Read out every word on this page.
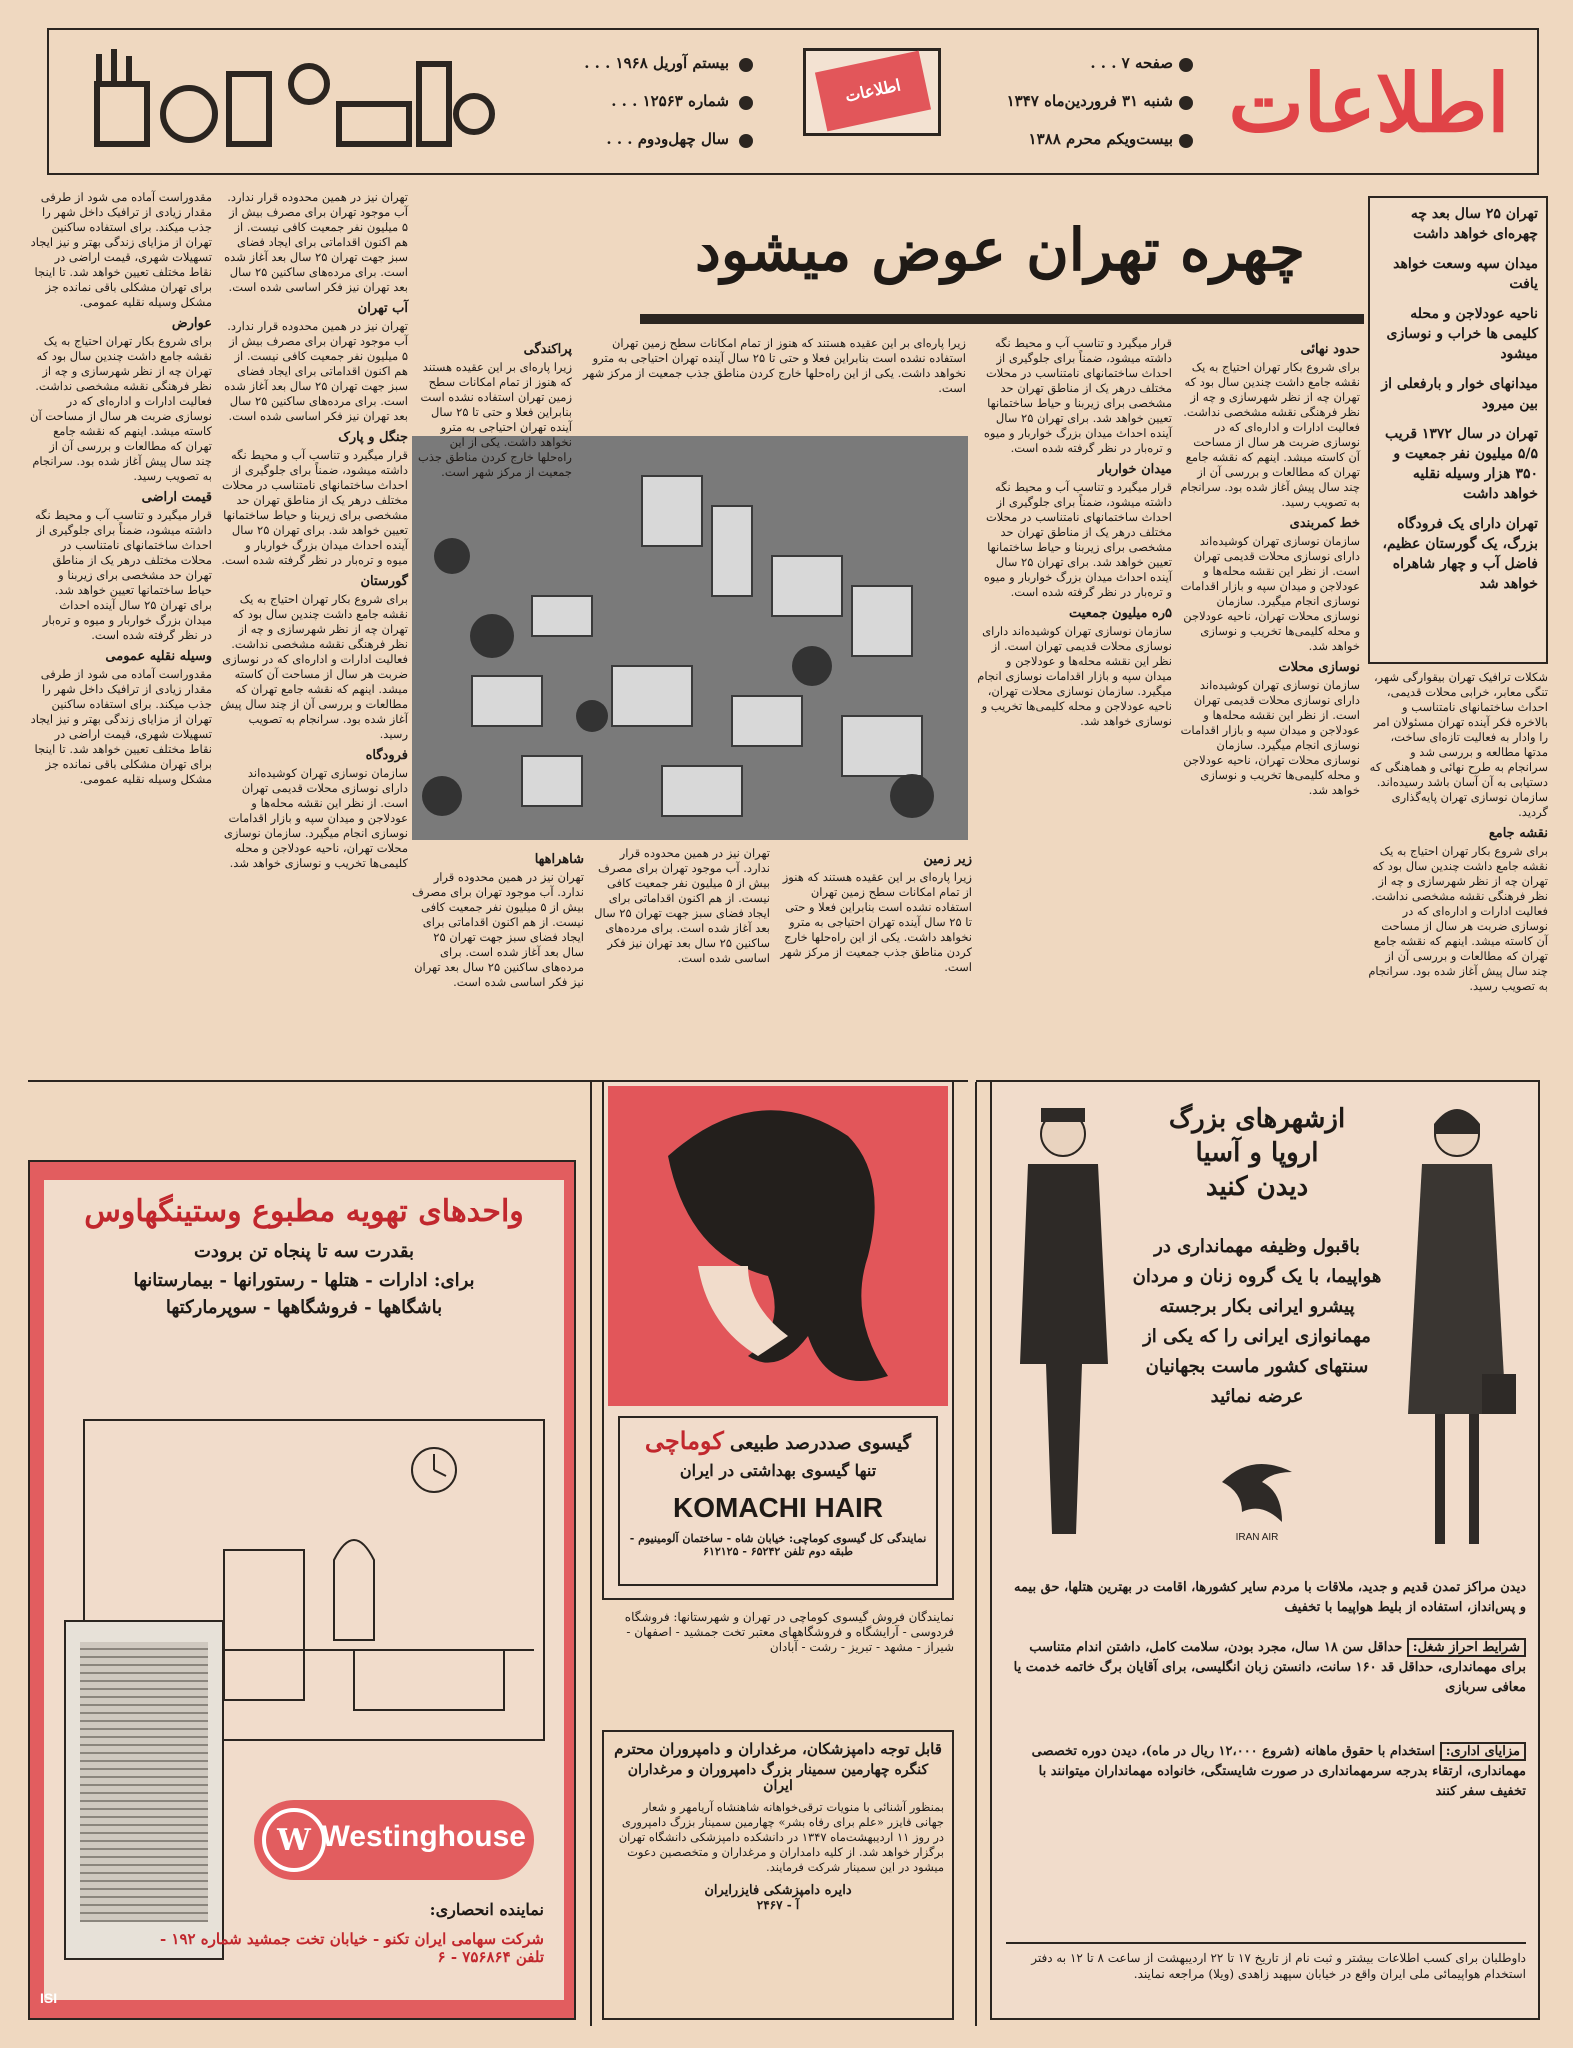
بیستم آوریل ۱۹۶۸ . . .
شماره ۱۲۵۶۳ . . .
سال چهل‌ودوم . . .
اطلاعات
صفحه ۷ . . .
شنبه ۳۱ فروردین‌ماه ۱۳۴۷
بیست‌ویکم محرم ۱۳۸۸ اطلاعات
تهران ۲۵ سال بعد چه چهره‌ای خواهد داشت
میدان سپه وسعت خواهد یافت
ناحیه عودلاجن و محله کلیمی ها خراب و نوسازی میشود
میدانهای خوار و بارفعلی از بین میرود
تهران در سال ۱۳۷۲ قریب ۵/۵ میلیون نفر جمعیت و ۳۵۰ هزار وسیله نقلیه خواهد داشت
تهران دارای یک فرودگاه بزرگ، یک گورستان عظیم، فاضل آب و چهار شاهراه خواهد شد
چهره تهران عوض میشود

شکلات ترافیک تهران بیقوارگی شهر، تنگی معابر، خرابی محلات قدیمی، احداث ساختمانهای نامتناسب و بالاخره فکر آینده تهران مسئولان امر را وادار به فعالیت تازه‌ای ساخت، مدتها مطالعه و بررسی شد و سرانجام به طرح نهائی و هماهنگی که دستیابی به آن آسان باشد رسیده‌اند. سازمان نوسازی تهران پایه‌گذاری گردید.

نقشه جامع

برای شروع بکار تهران احتیاج به یک نقشه جامع داشت چندین سال بود که تهران چه از نظر شهرسازی و چه از نظر فرهنگی نقشه مشخصی نداشت. فعالیت ادارات و اداره‌ای که در نوسازی ضربت هر سال از مساحت آن کاسته میشد. اینهم که نقشه جامع تهران که مطالعات و بررسی آن از چند سال پیش آغاز شده بود. سرانجام به تصویب رسید.

حدود نهائی

برای شروع بکار تهران احتیاج به یک نقشه جامع داشت چندین سال بود که تهران چه از نظر شهرسازی و چه از نظر فرهنگی نقشه مشخصی نداشت. فعالیت ادارات و اداره‌ای که در نوسازی ضربت هر سال از مساحت آن کاسته میشد. اینهم که نقشه جامع تهران که مطالعات و بررسی آن از چند سال پیش آغاز شده بود. سرانجام به تصویب رسید.

خط کمربندی

سازمان نوسازی تهران کوشیده‌اند دارای نوسازی محلات قدیمی تهران است. از نظر این نقشه محله‌ها و عودلاجن و میدان سپه و بازار اقدامات نوسازی انجام میگیرد. سازمان نوسازی محلات تهران، ناحیه عودلاجن و محله کلیمی‌ها تخریب و نوسازی خواهد شد.

نوسازی محلات

سازمان نوسازی تهران کوشیده‌اند دارای نوسازی محلات قدیمی تهران است. از نظر این نقشه محله‌ها و عودلاجن و میدان سپه و بازار اقدامات نوسازی انجام میگیرد. سازمان نوسازی محلات تهران، ناحیه عودلاجن و محله کلیمی‌ها تخریب و نوسازی خواهد شد.

قرار میگیرد و تناسب آب و محیط نگه داشته میشود، ضمناً برای جلوگیری از احداث ساختمانهای نامتناسب در محلات مختلف درهر یک از مناطق تهران حد مشخصی برای زیربنا و حیاط ساختمانها تعیین خواهد شد. برای تهران ۲۵ سال آینده احداث میدان بزرگ خواربار و میوه و تره‌بار در نظر گرفته شده است.

میدان خواربار

قرار میگیرد و تناسب آب و محیط نگه داشته میشود، ضمناً برای جلوگیری از احداث ساختمانهای نامتناسب در محلات مختلف درهر یک از مناطق تهران حد مشخصی برای زیربنا و حیاط ساختمانها تعیین خواهد شد. برای تهران ۲۵ سال آینده احداث میدان بزرگ خواربار و میوه و تره‌بار در نظر گرفته شده است.

۵ره میلیون جمعیت

سازمان نوسازی تهران کوشیده‌اند دارای نوسازی محلات قدیمی تهران است. از نظر این نقشه محله‌ها و عودلاجن و میدان سپه و بازار اقدامات نوسازی انجام میگیرد. سازمان نوسازی محلات تهران، ناحیه عودلاجن و محله کلیمی‌ها تخریب و نوسازی خواهد شد.

زیرا پاره‌ای بر این عقیده هستند که هنوز از تمام امکانات سطح زمین تهران استفاده نشده است بنابراین فعلا و حتی تا ۲۵ سال آینده تهران احتیاجی به مترو نخواهد داشت. یکی از این راه‌حلها خارج کردن مناطق جذب جمعیت از مرکز شهر است.

پراکندگی

زیرا پاره‌ای بر این عقیده هستند که هنوز از تمام امکانات سطح زمین تهران استفاده نشده است بنابراین فعلا و حتی تا ۲۵ سال آینده تهران احتیاجی به مترو نخواهد داشت. یکی از این راه‌حلها خارج کردن مناطق جذب جمعیت از مرکز شهر است.

زیر زمین

زیرا پاره‌ای بر این عقیده هستند که هنوز از تمام امکانات سطح زمین تهران استفاده نشده است بنابراین فعلا و حتی تا ۲۵ سال آینده تهران احتیاجی به مترو نخواهد داشت. یکی از این راه‌حلها خارج کردن مناطق جذب جمعیت از مرکز شهر است.

تهران نیز در همین محدوده قرار ندارد. آب موجود تهران برای مصرف بیش از ۵ میلیون نفر جمعیت کافی نیست. از هم اکنون اقداماتی برای ایجاد فضای سبز جهت تهران ۲۵ سال بعد آغاز شده است. برای مرده‌های ساکنین ۲۵ سال بعد تهران نیز فکر اساسی شده است.

شاهراهها

تهران نیز در همین محدوده قرار ندارد. آب موجود تهران برای مصرف بیش از ۵ میلیون نفر جمعیت کافی نیست. از هم اکنون اقداماتی برای ایجاد فضای سبز جهت تهران ۲۵ سال بعد آغاز شده است. برای مرده‌های ساکنین ۲۵ سال بعد تهران نیز فکر اساسی شده است.

تهران نیز در همین محدوده قرار ندارد. آب موجود تهران برای مصرف بیش از ۵ میلیون نفر جمعیت کافی نیست. از هم اکنون اقداماتی برای ایجاد فضای سبز جهت تهران ۲۵ سال بعد آغاز شده است. برای مرده‌های ساکنین ۲۵ سال بعد تهران نیز فکر اساسی شده است.

آب تهران

تهران نیز در همین محدوده قرار ندارد. آب موجود تهران برای مصرف بیش از ۵ میلیون نفر جمعیت کافی نیست. از هم اکنون اقداماتی برای ایجاد فضای سبز جهت تهران ۲۵ سال بعد آغاز شده است. برای مرده‌های ساکنین ۲۵ سال بعد تهران نیز فکر اساسی شده است.

جنگل و پارک

قرار میگیرد و تناسب آب و محیط نگه داشته میشود، ضمناً برای جلوگیری از احداث ساختمانهای نامتناسب در محلات مختلف درهر یک از مناطق تهران حد مشخصی برای زیربنا و حیاط ساختمانها تعیین خواهد شد. برای تهران ۲۵ سال آینده احداث میدان بزرگ خواربار و میوه و تره‌بار در نظر گرفته شده است.

گورستان

برای شروع بکار تهران احتیاج به یک نقشه جامع داشت چندین سال بود که تهران چه از نظر شهرسازی و چه از نظر فرهنگی نقشه مشخصی نداشت. فعالیت ادارات و اداره‌ای که در نوسازی ضربت هر سال از مساحت آن کاسته میشد. اینهم که نقشه جامع تهران که مطالعات و بررسی آن از چند سال پیش آغاز شده بود. سرانجام به تصویب رسید.

فرودگاه

سازمان نوسازی تهران کوشیده‌اند دارای نوسازی محلات قدیمی تهران است. از نظر این نقشه محله‌ها و عودلاجن و میدان سپه و بازار اقدامات نوسازی انجام میگیرد. سازمان نوسازی محلات تهران، ناحیه عودلاجن و محله کلیمی‌ها تخریب و نوسازی خواهد شد.

مقدوراست آماده می شود از طرفی مقدار زیادی از ترافیک داخل شهر را جذب میکند. برای استفاده ساکنین تهران از مزایای زندگی بهتر و نیز ایجاد تسهیلات شهری، قیمت اراضی در نقاط مختلف تعیین خواهد شد. تا اینجا برای تهران مشکلی باقی نمانده جز مشکل وسیله نقلیه عمومی.

عوارض

برای شروع بکار تهران احتیاج به یک نقشه جامع داشت چندین سال بود که تهران چه از نظر شهرسازی و چه از نظر فرهنگی نقشه مشخصی نداشت. فعالیت ادارات و اداره‌ای که در نوسازی ضربت هر سال از مساحت آن کاسته میشد. اینهم که نقشه جامع تهران که مطالعات و بررسی آن از چند سال پیش آغاز شده بود. سرانجام به تصویب رسید.

قیمت اراضی

قرار میگیرد و تناسب آب و محیط نگه داشته میشود، ضمناً برای جلوگیری از احداث ساختمانهای نامتناسب در محلات مختلف درهر یک از مناطق تهران حد مشخصی برای زیربنا و حیاط ساختمانها تعیین خواهد شد. برای تهران ۲۵ سال آینده احداث میدان بزرگ خواربار و میوه و تره‌بار در نظر گرفته شده است.

وسیله نقلیه عمومی

مقدوراست آماده می شود از طرفی مقدار زیادی از ترافیک داخل شهر را جذب میکند. برای استفاده ساکنین تهران از مزایای زندگی بهتر و نیز ایجاد تسهیلات شهری، قیمت اراضی در نقاط مختلف تعیین خواهد شد. تا اینجا برای تهران مشکلی باقی نمانده جز مشکل وسیله نقلیه عمومی.

واحدهای تهویه مطبوع وستینگهاوس
بقدرت سه تا پنجاه تن برودت
برای: ادارات - هتلها - رستورانها - بیمارستانها
باشگاهها - فروشگاهها - سوپرمارکتها
W Westinghouse
نماینده انحصاری:
شرکت سهامی ایران تکنو - خیابان تخت جمشید شماره ۱۹۲ - تلفن ۷۵۶۸۶۴ - ۶
ISI
گیسوی صددرصد طبیعی کوماچی
تنها گیسوی بهداشتی در ایران
KOMACHI HAIR
نمایندگی کل گیسوی کوماچی: خیابان شاه - ساختمان آلومینیوم - طبقه دوم تلفن ۶۵۲۴۲ - ۶۱۲۱۲۵
نمایندگان فروش گیسوی کوماچی در تهران و شهرستانها: فروشگاه فردوسی - آرایشگاه و فروشگاههای معتبر تخت جمشید - اصفهان - شیراز - مشهد - تبریز - رشت - آبادان
قابل توجه دامپزشکان، مرغداران و دامپروران محترم
کنگره چهارمین سمینار بزرگ دامپروران و مرغداران ایران
بمنظور آشنائی با منویات ترقی‌خواهانه شاهنشاه آریامهر و شعار جهانی فایزر «علم برای رفاه بشر» چهارمین سمینار بزرگ دامپروری در روز ۱۱ اردیبهشت‌ماه ۱۳۴۷ در دانشکده دامپزشکی دانشگاه تهران برگزار خواهد شد. از کلیه دامداران و مرغداران و متخصصین دعوت میشود در این سمینار شرکت فرمایند.
دایره دامپزشکی فایزرایران
آ - ۲۴۶۷
ازشهرهای بزرگ
اروپا و آسیا
دیدن کنید
باقبول وظیفه مهمانداری در هواپیما، با یک گروه زنان و مردان پیشرو ایرانی بکار برجسته مهمانوازی ایرانی را که یکی از سنتهای کشور ماست بجهانیان عرضه نمائید
IRAN AIR
دیدن مراکز تمدن قدیم و جدید، ملاقات با مردم سایر کشورها، اقامت در بهترین هتلها، حق بیمه و پس‌انداز، استفاده از بلیط هواپیما با تخفیف
شرایط احراز شغل: حداقل سن ۱۸ سال، مجرد بودن، سلامت کامل، داشتن اندام متناسب برای مهمانداری، حداقل قد ۱۶۰ سانت، دانستن زبان انگلیسی، برای آقایان برگ خاتمه خدمت یا معافی سربازی
مزایای اداری: استخدام با حقوق ماهانه (شروع ۱۲،۰۰۰ ریال در ماه)، دیدن دوره تخصصی مهمانداری، ارتقاء بدرجه سرمهمانداری در صورت شایستگی، خانواده مهمانداران میتوانند با تخفیف سفر کنند
داوطلبان برای کسب اطلاعات بیشتر و ثبت نام از تاریخ ۱۷ تا ۲۲ اردیبهشت از ساعت ۸ تا ۱۲ به دفتر استخدام هواپیمائی ملی ایران واقع در خیابان سپهبد زاهدی (ویلا) مراجعه نمایند.
